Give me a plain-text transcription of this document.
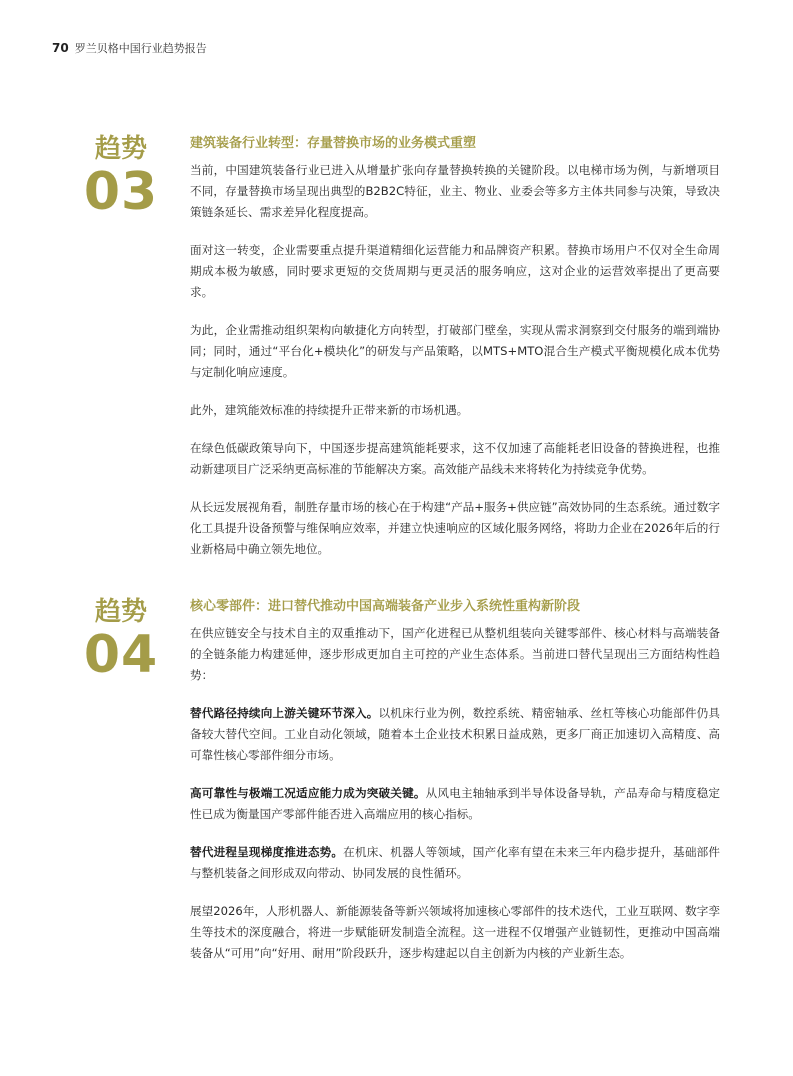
70 罗兰贝格中国行业趋势报告
趋势
03
建筑装备行业转型：存量替换市场的业务模式重塑

当前，中国建筑装备行业已进入从增量扩张向存量替换转换的关键阶段。以电梯市场为例，与新增项目不同，存量替换市场呈现出典型的B2B2C特征，业主、物业、业委会等多方主体共同参与决策，导致决策链条延长、需求差异化程度提高。

面对这一转变，企业需要重点提升渠道精细化运营能力和品牌资产积累。替换市场用户不仅对全生命周期成本极为敏感，同时要求更短的交货周期与更灵活的服务响应，这对企业的运营效率提出了更高要求。

为此，企业需推动组织架构向敏捷化方向转型，打破部门壁垒，实现从需求洞察到交付服务的端到端协同；同时，通过“平台化+模块化”的研发与产品策略，以MTS+MTO混合生产模式平衡规模化成本优势与定制化响应速度。

此外，建筑能效标准的持续提升正带来新的市场机遇。

在绿色低碳政策导向下，中国逐步提高建筑能耗要求，这不仅加速了高能耗老旧设备的替换进程，也推动新建项目广泛采纳更高标准的节能解决方案。高效能产品线未来将转化为持续竞争优势。

从长远发展视角看，制胜存量市场的核心在于构建“产品+服务+供应链”高效协同的生态系统。通过数字化工具提升设备预警与维保响应效率，并建立快速响应的区域化服务网络，将助力企业在2026年后的行业新格局中确立领先地位。

趋势
04
核心零部件：进口替代推动中国高端装备产业步入系统性重构新阶段

在供应链安全与技术自主的双重推动下，国产化进程已从整机组装向关键零部件、核心材料与高端装备的全链条能力构建延伸，逐步形成更加自主可控的产业生态体系。当前进口替代呈现出三方面结构性趋势：

替代路径持续向上游关键环节深入。以机床行业为例，数控系统、精密轴承、丝杠等核心功能部件仍具备较大替代空间。工业自动化领域，随着本土企业技术积累日益成熟，更多厂商正加速切入高精度、高可靠性核心零部件细分市场。

高可靠性与极端工况适应能力成为突破关键。从风电主轴轴承到半导体设备导轨，产品寿命与精度稳定性已成为衡量国产零部件能否进入高端应用的核心指标。

替代进程呈现梯度推进态势。在机床、机器人等领域，国产化率有望在未来三年内稳步提升，基础部件与整机装备之间形成双向带动、协同发展的良性循环。

展望2026年，人形机器人、新能源装备等新兴领域将加速核心零部件的技术迭代，工业互联网、数字孪生等技术的深度融合，将进一步赋能研发制造全流程。这一进程不仅增强产业链韧性，更推动中国高端装备从“可用”向“好用、耐用”阶段跃升，逐步构建起以自主创新为内核的产业新生态。
